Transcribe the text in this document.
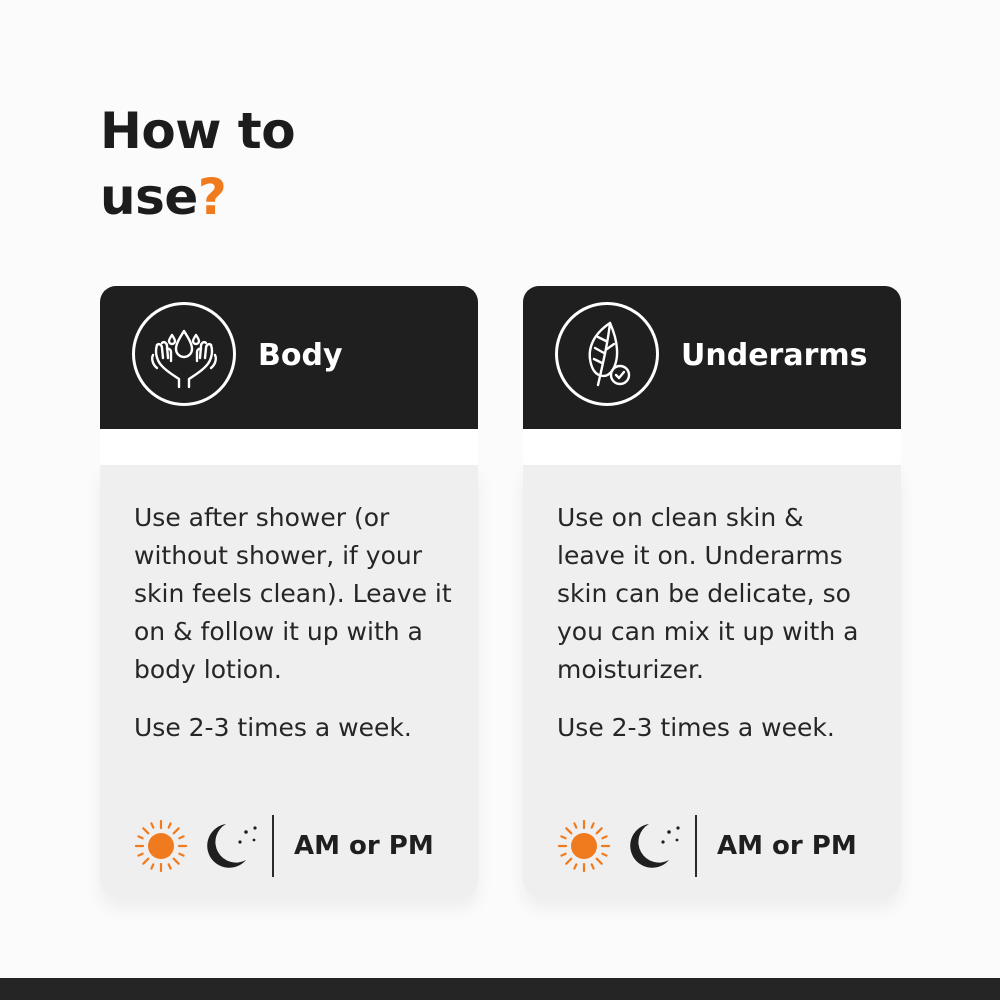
How to
use?
Body

Use after shower (or without shower, if your skin feels clean). Leave it on & follow it up with a body lotion.

Use 2-3 times a week.

AM or PM
Underarms

Use on clean skin & leave it on. Underarms skin can be delicate, so you can mix it up with a moisturizer.

Use 2-3 times a week.

AM or PM
